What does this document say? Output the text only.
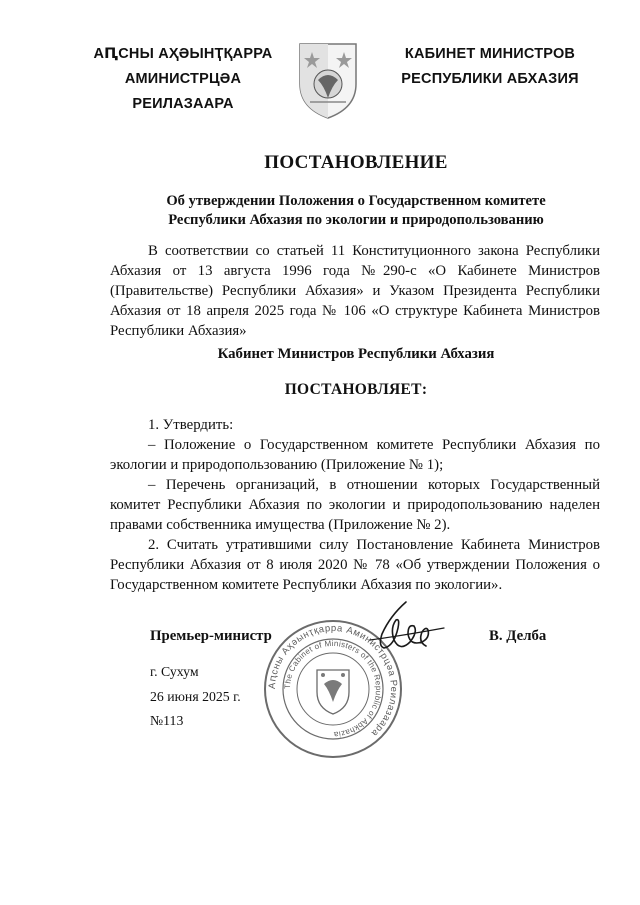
АԤСНЫ АҲӘЫНҬҚАРРА
АМИНИСТРЦӘА РЕИЛАЗААРА
КАБИНЕТ МИНИСТРОВ
РЕСПУБЛИКИ АБХАЗИЯ
ПОСТАНОВЛЕНИЕ
Об утверждении Положения о Государственном комитете
Республики Абхазия по экологии и природопользованию
В соответствии со статьей 11 Конституционного закона Республики Абхазия от 13 августа 1996 года №290-с «О Кабинете Министров (Правительстве) Республики Абхазия» и Указом Президента Республики Абхазия от 18 апреля 2025 года № 106 «О структуре Кабинета Министров Республики Абхазия»
Кабинет Министров Республики Абхазия
ПОСТАНОВЛЯЕТ:

1. Утвердить:

– Положение о Государственном комитете Республики Абхазия по экологии и природопользованию (Приложение № 1);

– Перечень организаций, в отношении которых Государственный комитет Республики Абхазия по экологии и природопользованию наделен правами собственника имущества (Приложение № 2).

2. Считать утратившими силу Постановление Кабинета Министров Республики Абхазия от 8 июля 2020 № 78 «Об утверждении Положения о Государственном комитете Республики Абхазия по экологии».

Премьер-министр	В. Делба
Аԥсны Аҳәынҭқарра Аминистрцәа Реилазаара
The Cabinet of Ministers of the Republic of Abkhazia
г. Сухум
26 июня 2025 г.
№113
